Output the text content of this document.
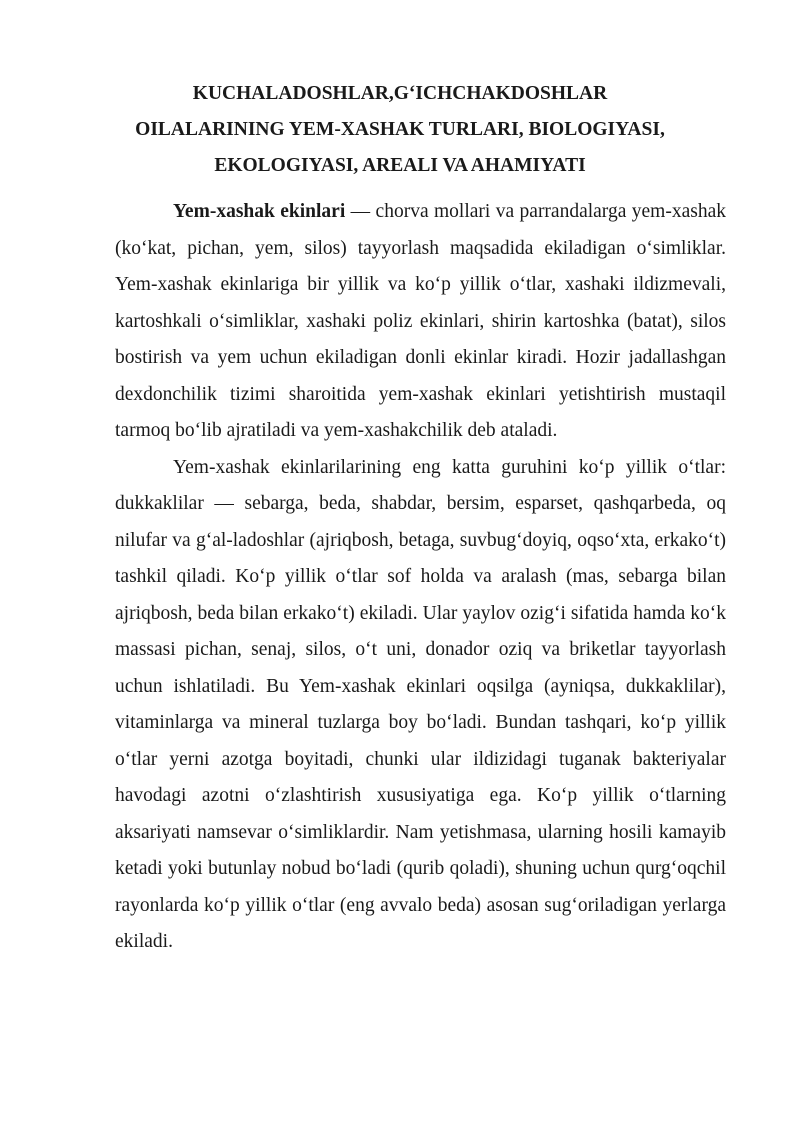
KUCHALADOSHLAR,G‘ICHCHAKDOSHLAR
OILALARINING YEM-XASHAK TURLARI, BIOLOGIYASI,
EKOLOGIYASI, AREALI VA AHAMIYATI

Yem-xashak ekinlari — chorva mollari va parrandalarga yem-xashak (ko‘kat, pichan, yem, silos) tayyorlash maqsadida ekiladigan o‘simliklar. Yem-xashak ekinlariga bir yillik va ko‘p yillik o‘tlar, xashaki ildizmevali, kartoshkali o‘simliklar, xashaki poliz ekinlari, shirin kartoshka (batat), silos bostirish va yem uchun ekiladigan donli ekinlar kiradi. Hozir jadallashgan dexdonchilik tizimi sharoitida yem-xashak ekinlari yetishtirish mustaqil tarmoq bo‘lib ajratiladi va yem-xashakchilik deb ataladi.

Yem-xashak ekinlarilarining eng katta guruhini ko‘p yillik o‘tlar: dukkaklilar — sebarga, beda, shabdar, bersim, esparset, qashqarbeda, oq nilufar va g‘al-ladoshlar (ajriqbosh, betaga, suvbug‘doyiq, oqso‘xta, erkako‘t) tashkil qiladi. Ko‘p yillik o‘tlar sof holda va aralash (mas, sebarga bilan ajriqbosh, beda bilan erkako‘t) ekiladi. Ular yaylov ozig‘i sifatida hamda ko‘k massasi pichan, senaj, silos, o‘t uni, donador oziq va briketlar tayyorlash uchun ishlatiladi. Bu Yem-xashak ekinlari oqsilga (ayniqsa, dukkaklilar), vitaminlarga va mineral tuzlarga boy bo‘ladi. Bundan tashqari, ko‘p yillik o‘tlar yerni azotga boyitadi, chunki ular ildizidagi tuganak bakteriyalar havodagi azotni o‘zlashtirish xususiyatiga ega. Ko‘p yillik o‘tlarning aksariyati namsevar o‘simliklardir. Nam yetishmasa, ularning hosili kamayib ketadi yoki butunlay nobud bo‘ladi (qurib qoladi), shuning uchun qurg‘oqchil rayonlarda ko‘p yillik o‘tlar (eng avvalo beda) asosan sug‘oriladigan yerlarga ekiladi.
